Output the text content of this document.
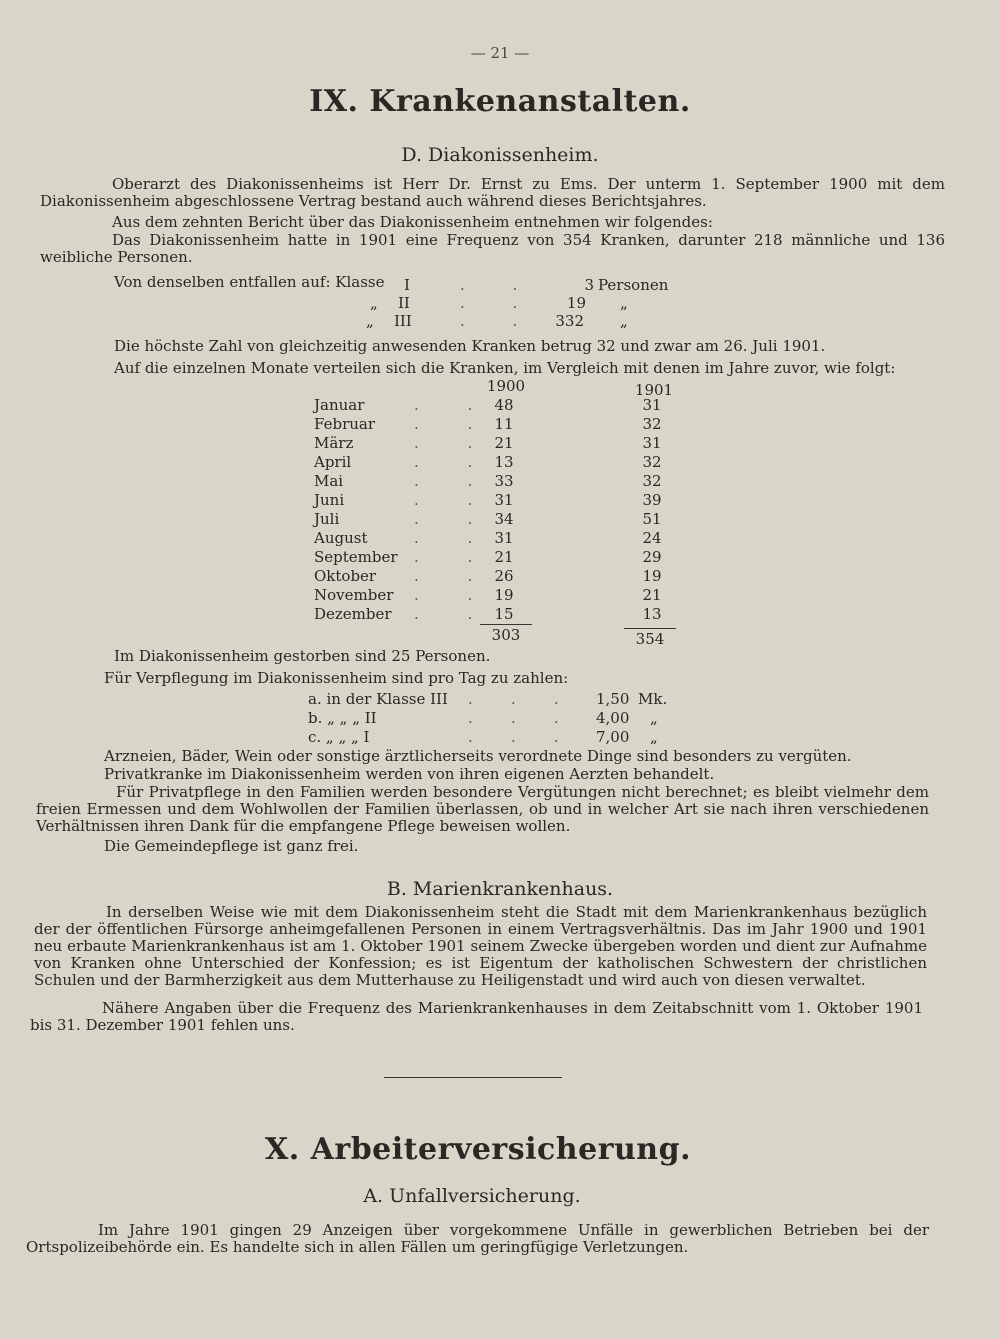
— 21 —
IX. Krankenanstalten.
D. Diakonissenheim.
Oberarzt des Diakonissenheims ist Herr Dr. Ernst zu Ems. Der unterm 1. September 1900 mit dem Diakonissenheim abgeschlossene Vertrag bestand auch während dieses Berichtsjahres.
Aus dem zehnten Bericht über das Diakonissenheim entnehmen wir folgendes:
Das Diakonissenheim hatte in 1901 eine Frequenz von 354 Kranken, darunter 218 männliche und 136 weibliche Personen.
Von denselben entfallen auf: Klasse I	.          .	3 Personen
„ II	.          .	19 „
„ III	.          .	332 „
Die höchste Zahl von gleichzeitig anwesenden Kranken betrug 32 und zwar am 26. Juli 1901.
Auf die einzelnen Monate verteilen sich die Kranken, im Vergleich mit denen im Jahre zuvor, wie folgt:
1900	1901
Januar	. . 48	31
Februar	. . 11	32
März	. . 21	31
April	. . 13	32
Mai	. . 33	32
Juni	. . 31	39
Juli	. . 34	51
August	. . 31	24
September . . 21	29
Oktober	. . 26	19
November . . 19	21
Dezember . . 15	13
303	354
Im Diakonissenheim gestorben sind 25 Personen.
Für Verpflegung im Diakonissenheim sind pro Tag zu zahlen:
a. in der Klasse III .        .        . 1,50 Mk.
b. „ „ „ II	.        .        . 4,00 „
c. „ „ „ I	.        .        . 7,00 „
Arzneien, Bäder, Wein oder sonstige ärztlicherseits verordnete Dinge sind besonders zu vergüten.
Privatkranke im Diakonissenheim werden von ihren eigenen Aerzten behandelt.
Für Privatpflege in den Familien werden besondere Vergütungen nicht berechnet; es bleibt vielmehr dem freien Ermessen und dem Wohlwollen der Familien überlassen, ob und in welcher Art sie nach ihren verschiedenen Verhältnissen ihren Dank für die empfangene Pflege beweisen wollen.
Die Gemeindepflege ist ganz frei.
B. Marienkrankenhaus.
In derselben Weise wie mit dem Diakonissenheim steht die Stadt mit dem Marienkrankenhaus bezüglich der der öffentlichen Fürsorge anheimgefallenen Personen in einem Vertragsverhältnis. Das im Jahr 1900 und 1901 neu erbaute Marienkrankenhaus ist am 1. Oktober 1901 seinem Zwecke übergeben worden und dient zur Aufnahme von Kranken ohne Unterschied der Konfession; es ist Eigentum der katholischen Schwestern der christlichen Schulen und der Barmherzigkeit aus dem Mutterhause zu Heiligenstadt und wird auch von diesen verwaltet.
Nähere Angaben über die Frequenz des Marienkrankenhauses in dem Zeitabschnitt vom 1. Oktober 1901 bis 31. Dezember 1901 fehlen uns.
X. Arbeiterversicherung.
A. Unfallversicherung.
Im Jahre 1901 gingen 29 Anzeigen über vorgekommene Unfälle in gewerblichen Betrieben bei der Ortspolizeibehörde ein. Es handelte sich in allen Fällen um geringfügige Verletzungen.
